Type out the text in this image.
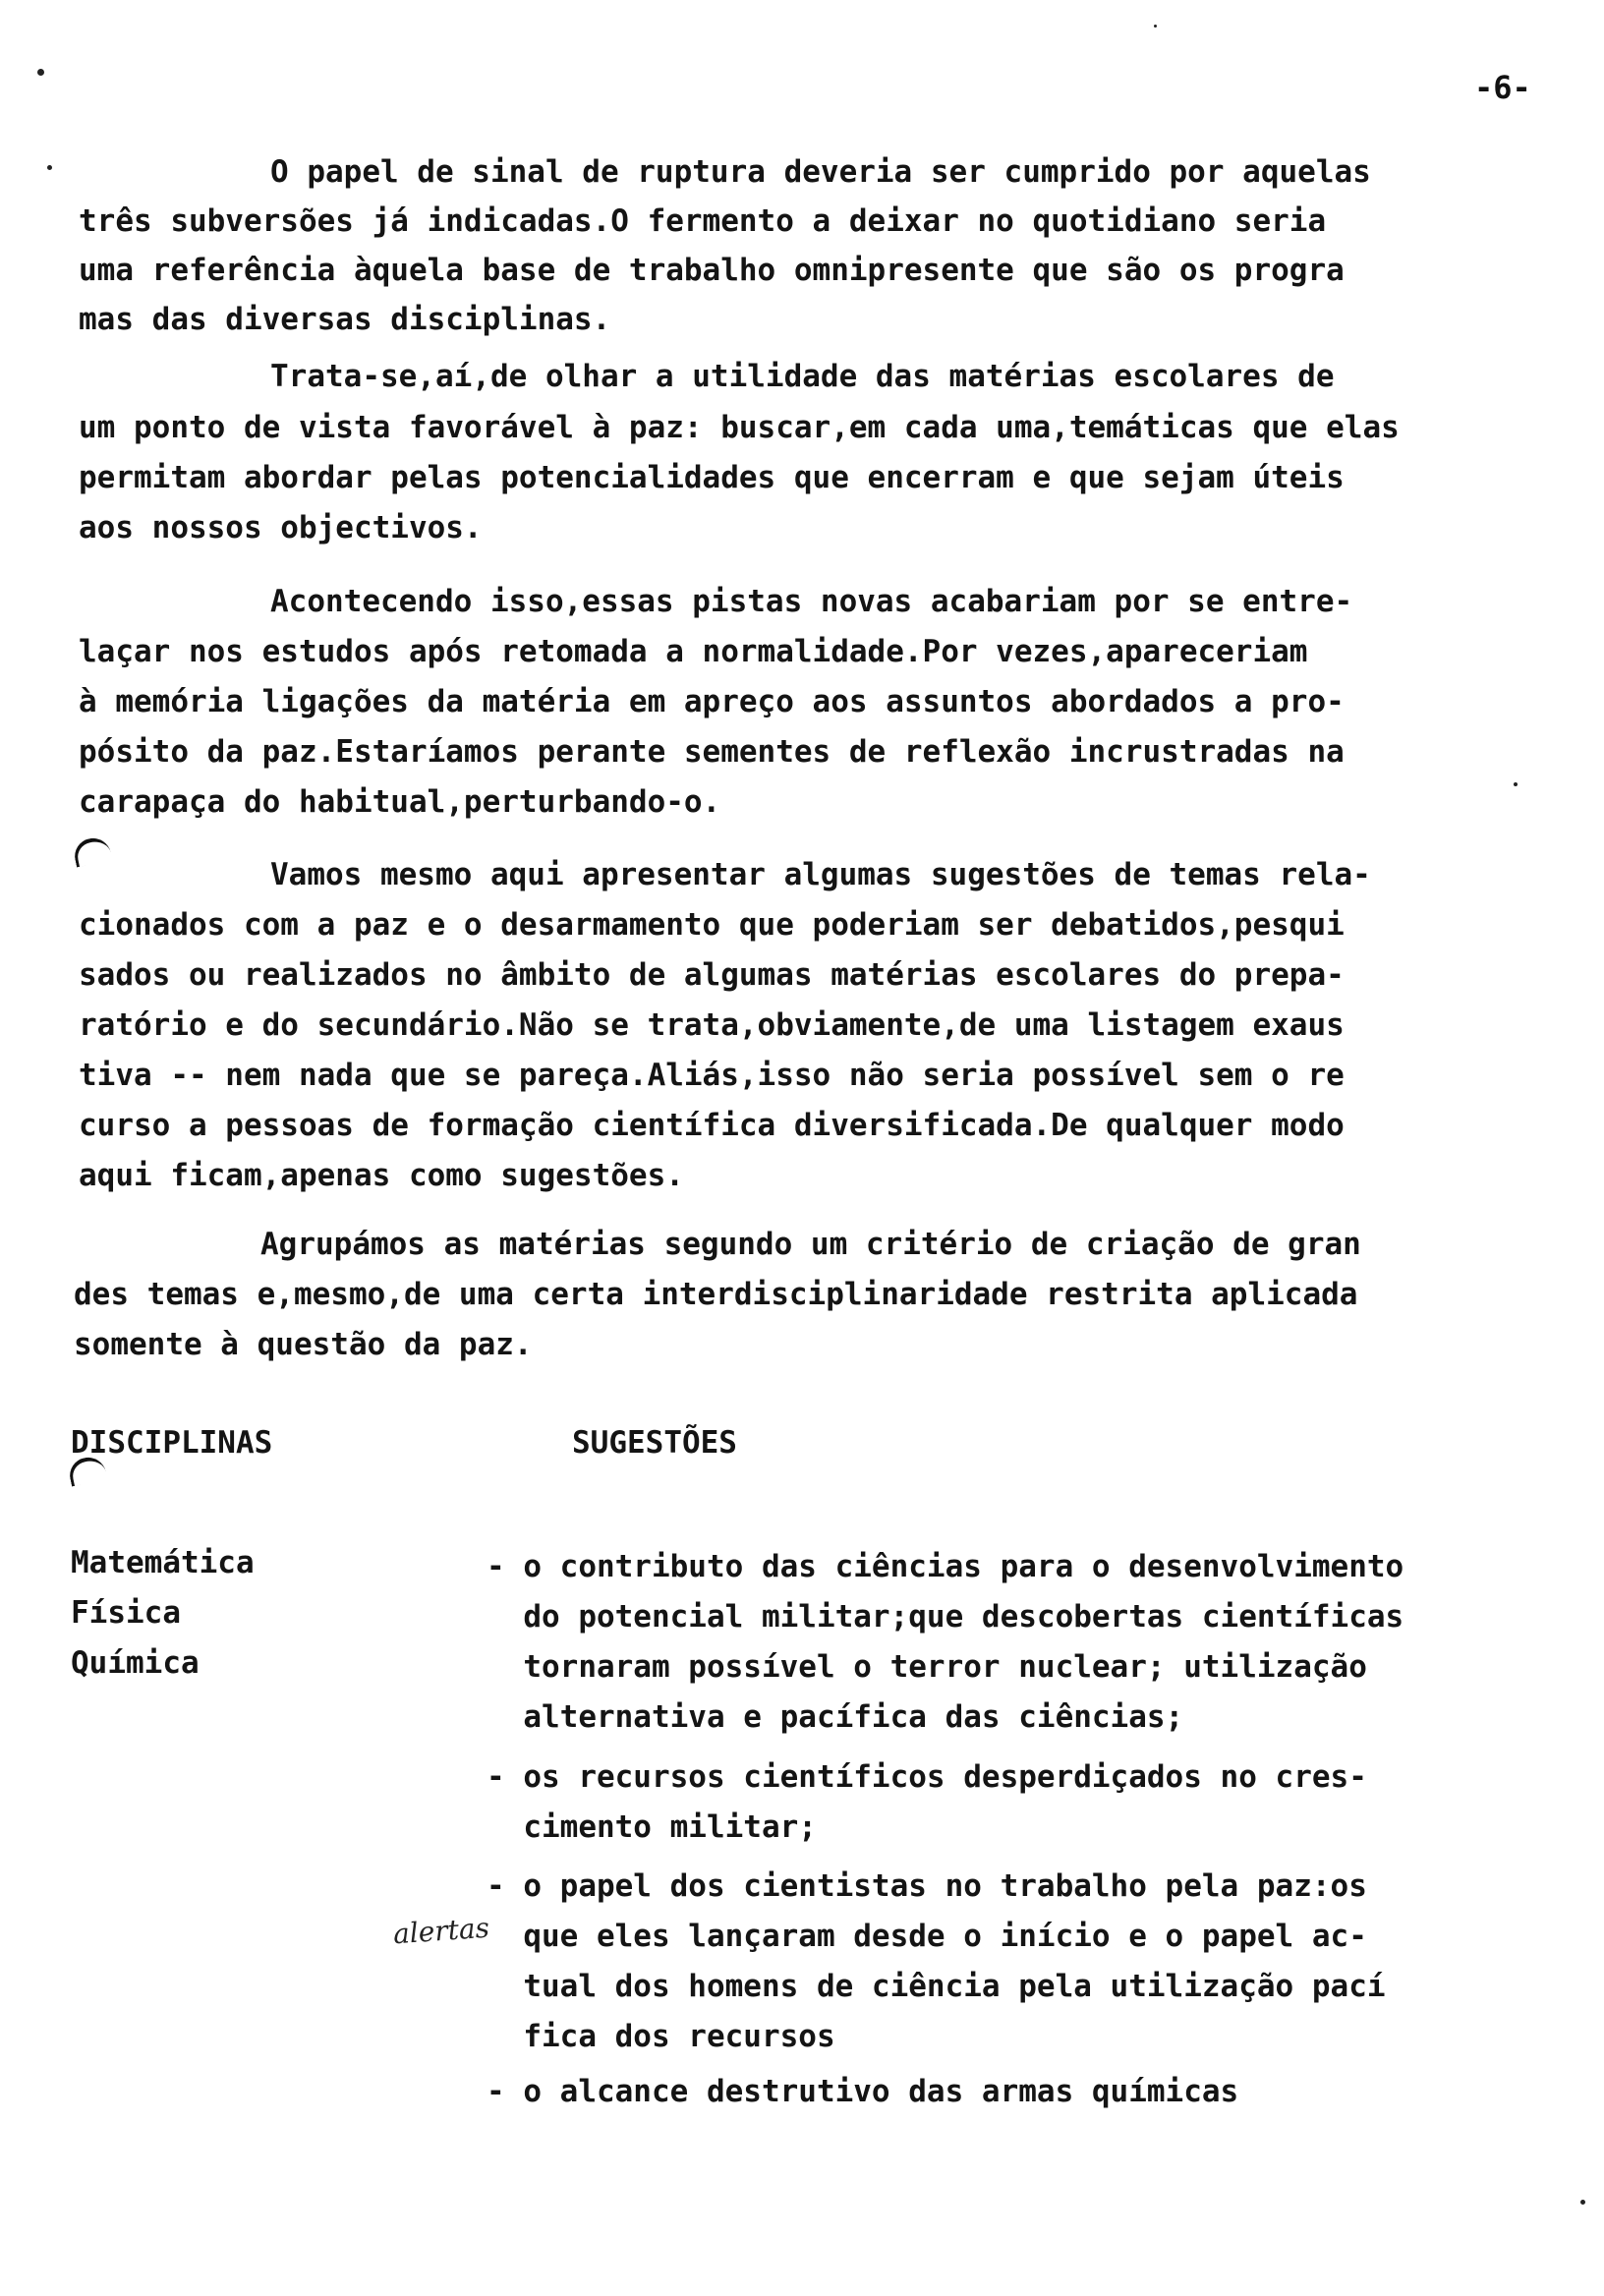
-6-
O papel de sinal de ruptura deveria ser cumprido por aquelas
três subversões já indicadas.O fermento a deixar no quotidiano seria
uma referência àquela base de trabalho omnipresente que são os progra
mas das diversas disciplinas.
Trata-se,aí,de olhar a utilidade das matérias escolares de
um ponto de vista favorável à paz: buscar,em cada uma,temáticas que elas
permitam abordar pelas potencialidades que encerram e que sejam úteis
aos nossos objectivos.
Acontecendo isso,essas pistas novas acabariam por se entre-
laçar nos estudos após retomada a normalidade.Por vezes,apareceriam
à memória ligações da matéria em apreço aos assuntos abordados a pro-
pósito da paz.Estaríamos perante sementes de reflexão incrustradas na
carapaça do habitual,perturbando-o.
Vamos mesmo aqui apresentar algumas sugestões de temas rela-
cionados com a paz e o desarmamento que poderiam ser debatidos,pesqui
sados ou realizados no âmbito de algumas matérias escolares do prepa-
ratório e do secundário.Não se trata,obviamente,de uma listagem exaus
tiva -- nem nada que se pareça.Aliás,isso não seria possível sem o re
curso a pessoas de formação científica diversificada.De qualquer modo
aqui ficam,apenas como sugestões.
Agrupámos as matérias segundo um critério de criação de gran
des temas e,mesmo,de uma certa interdisciplinaridade restrita aplicada
somente à questão da paz.
DISCIPLINAS	SUGESTÕES
Matemática
Física
Química
- o contributo das ciências para o desenvolvimento
do potencial militar;que descobertas científicas
tornaram possível o terror nuclear; utilização
alternativa e pacífica das ciências;
- os recursos científicos desperdiçados no cres-
cimento militar;
- o papel dos cientistas no trabalho pela paz:os
que eles lançaram desde o início e o papel ac-
tual dos homens de ciência pela utilização pací
fica dos recursos
- o alcance destrutivo das armas químicas
alertas
